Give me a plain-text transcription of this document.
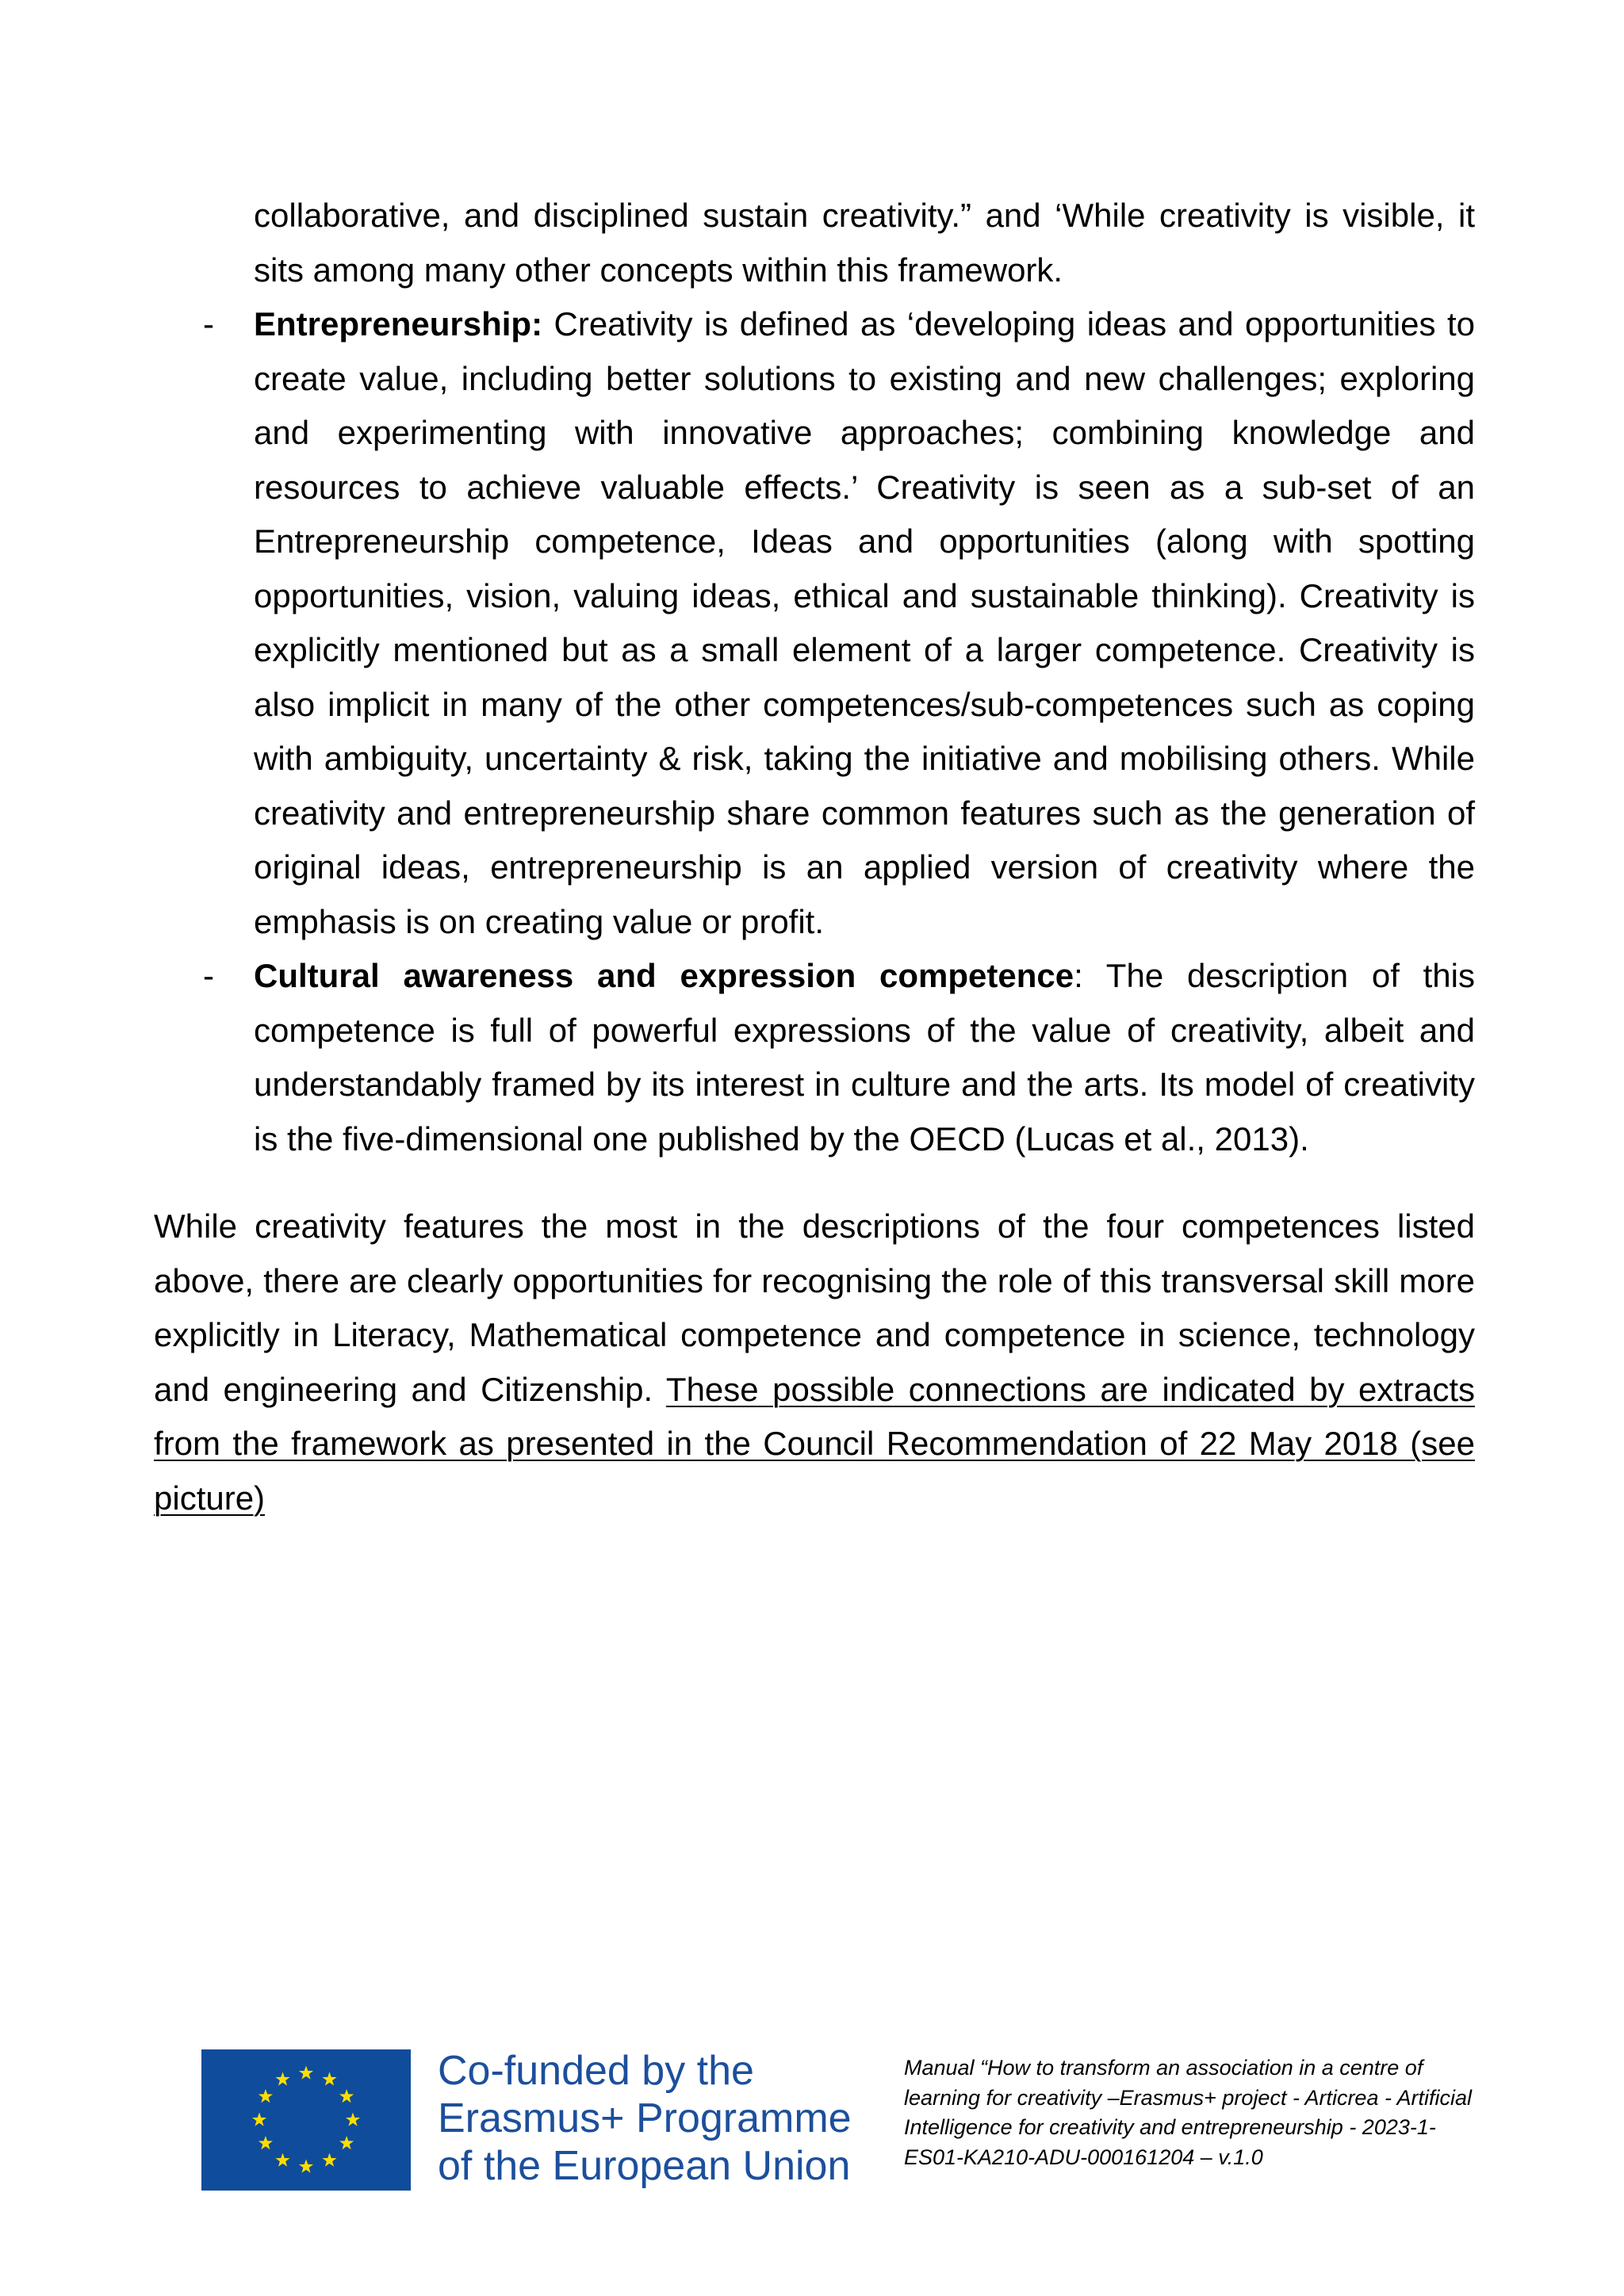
collaborative, and disciplined sustain creativity.” and ‘While creativity is visible, it sits among many other concepts within this framework.

- Entrepreneurship: Creativity is defined as ‘developing ideas and opportunities to create value, including better solutions to existing and new challenges; exploring and experimenting with innovative approaches; combining knowledge and resources to achieve valuable effects.’ Creativity is seen as a sub-set of an Entrepreneurship competence, Ideas and opportunities (along with spotting opportunities, vision, valuing ideas, ethical and sustainable thinking). Creativity is explicitly mentioned but as a small element of a larger competence. Creativity is also implicit in many of the other competences/sub-competences such as coping with ambiguity, uncertainty & risk, taking the initiative and mobilising others. While creativity and entrepreneurship share common features such as the generation of original ideas, entrepreneurship is an applied version of creativity where the emphasis is on creating value or profit.
- Cultural awareness and expression competence: The description of this competence is full of powerful expressions of the value of creativity, albeit and understandably framed by its interest in culture and the arts. Its model of creativity is the five-dimensional one published by the OECD (Lucas et al., 2013).

While creativity features the most in the descriptions of the four competences listed above, there are clearly opportunities for recognising the role of this transversal skill more explicitly in Literacy, Mathematical competence and competence in science, technology and engineering and Citizenship. These possible connections are indicated by extracts from the framework as presented in the Council Recommendation of 22 May 2018 (see picture)

Co-funded by the
Erasmus+ Programme
of the European Union
Manual “How to transform an association in a centre of learning for creativity –Erasmus+ project - Articrea - Artificial Intelligence for creativity and entrepreneurship - 2023-1-ES01-KA210-ADU-000161204 – v.1.0
